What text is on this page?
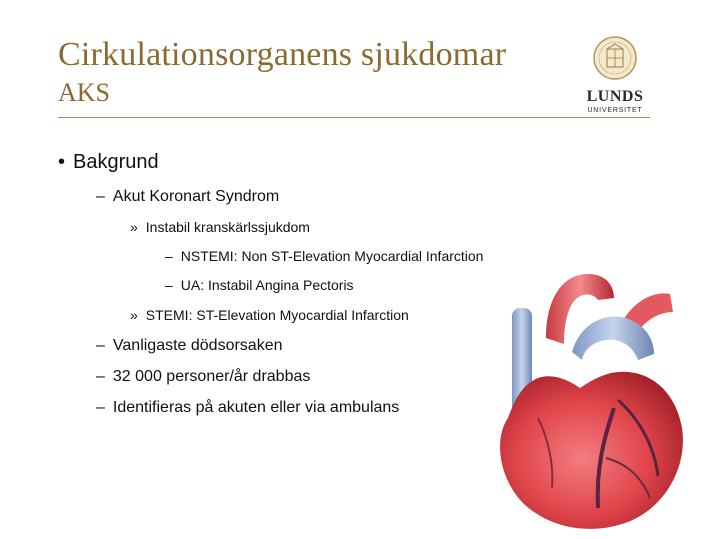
Cirkulationsorganens sjukdomar
AKS	LUNDS
UNIVERSITET
• Bakgrund
– Akut Koronart Syndrom
» Instabil kranskärlssjukdom
– NSTEMI: Non ST-Elevation Myocardial Infarction
– UA: Instabil Angina Pectoris
» STEMI: ST-Elevation Myocardial Infarction
– Vanligaste dödsorsaken
– 32 000 personer/år drabbas
– Identifieras på akuten eller via ambulans
